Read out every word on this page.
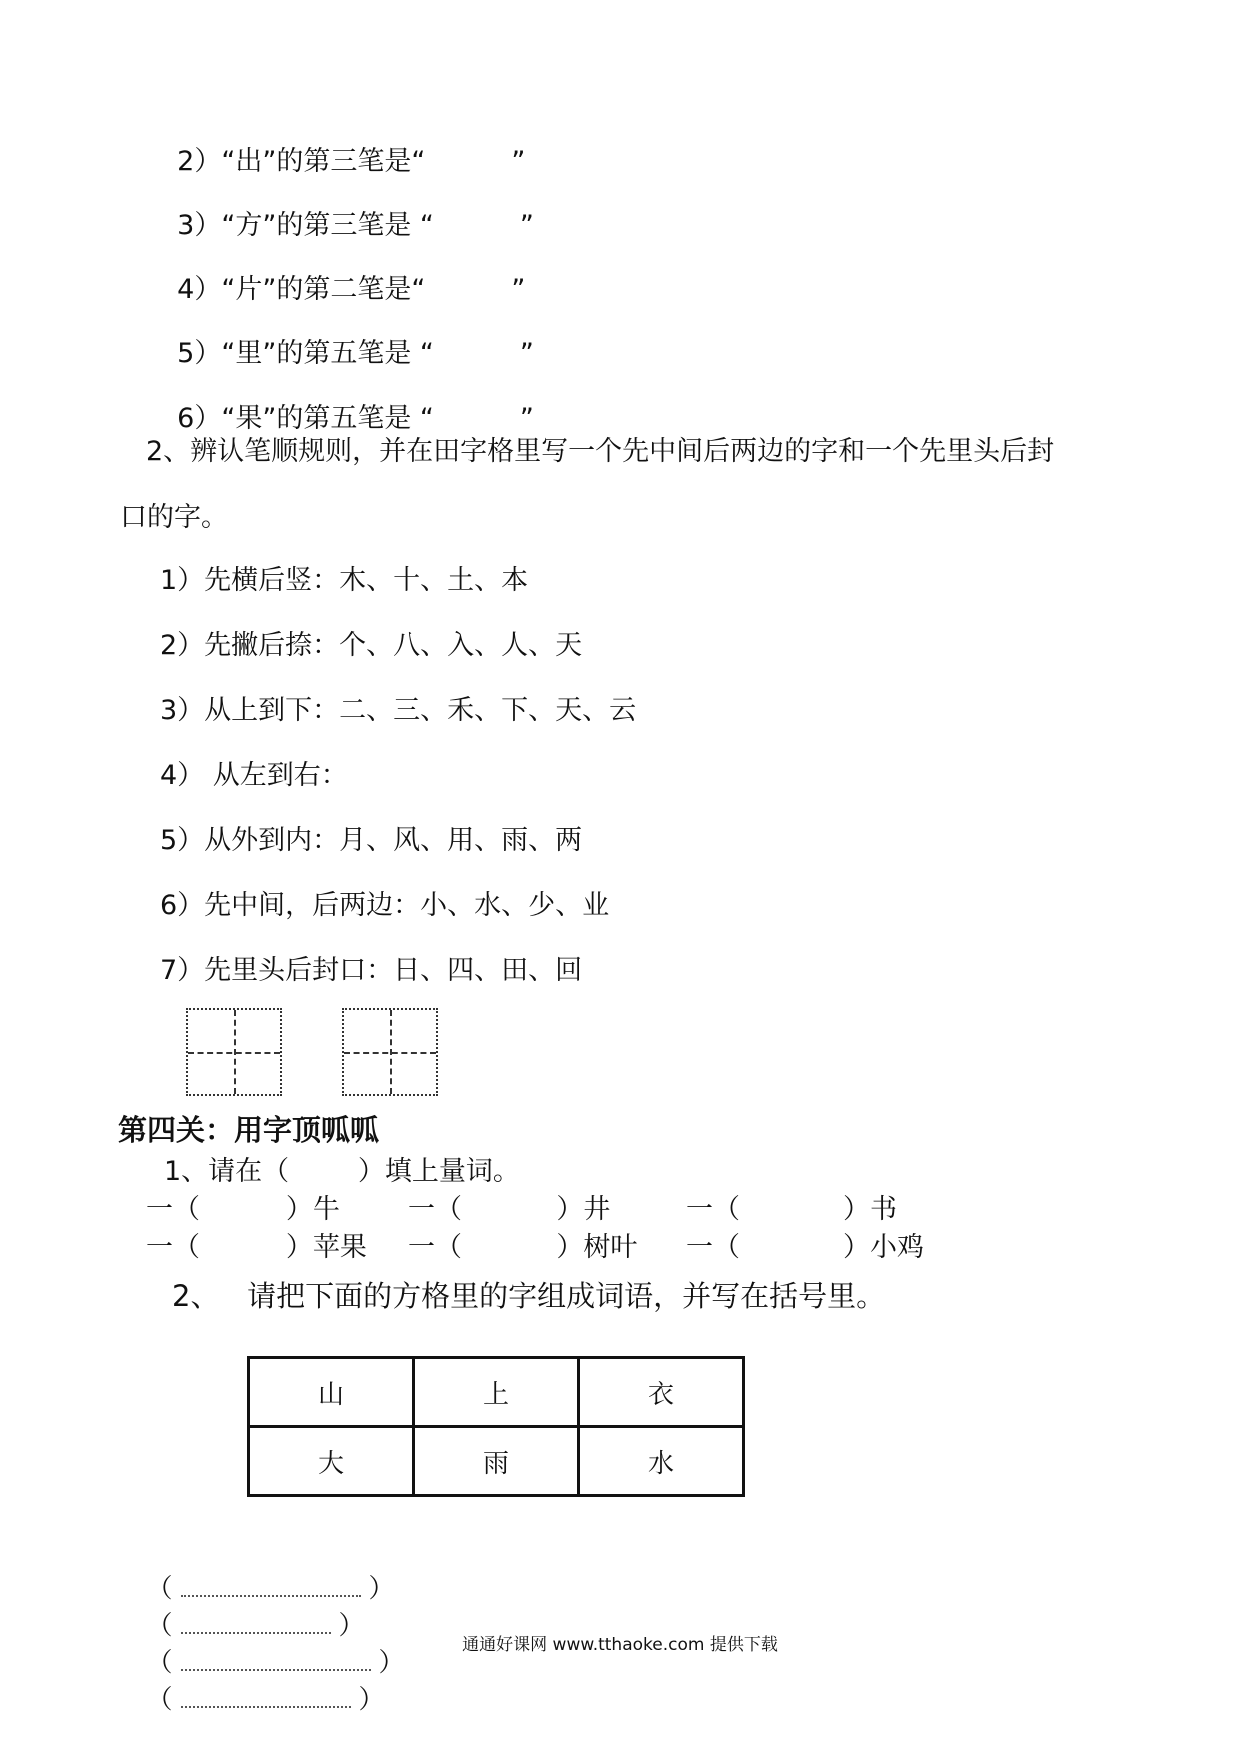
2）“出”的第三笔是“	”

3）“方”的第三笔是 “	”

4）“片”的第二笔是“	”

5）“里”的第五笔是 “	”

6）“果”的第五笔是 “	”

2、辨认笔顺规则，并在田字格里写一个先中间后两边的字和一个先里头后封
口的字。
1）先横后竖：木、十、土、本
2）先撇后捺：个、八、入、人、天
3）从上到下：二、三、禾、下、天、云
4） 从左到右：
5）从外到内：月、风、用、雨、两
6）先中间，后两边：小、水、少、业
7）先里头后封口：日、四、田、回
第四关：用字顶呱呱
1、请在（        ）填上量词。
一（          ）牛	一（           ）井	一（            ）书
一（          ）苹果 一（           ）树叶 一（            ）小鸡
2、   请把下面的方格里的字组成词语，并写在括号里。
山	上	衣
大	雨	水

（	）
（	）
（	）
（	）

通通好课网 www.tthaoke.com 提供下载
